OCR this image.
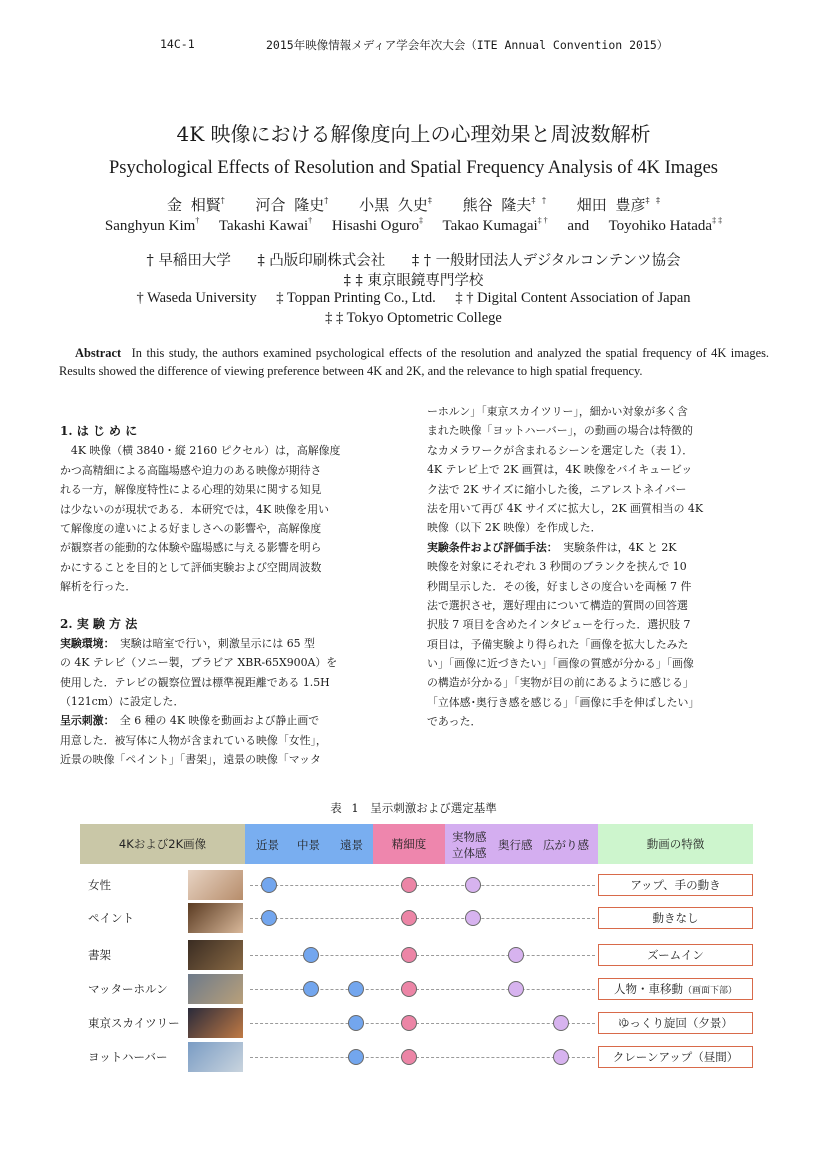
14C-1	2015年映像情報メディア学会年次大会（ITE Annual Convention 2015）
4K 映像における解像度向上の心理効果と周波数解析
Psychological Effects of Resolution and Spatial Frequency Analysis of 4K Images
金 相賢† 河合 隆史† 小黒 久史‡ 熊谷 隆夫‡ † 畑田 豊彦‡ ‡
Sanghyun Kim† Takashi Kawai† Hisashi Oguro‡ Takao Kumagai‡ † and Toyohiko Hatada‡ ‡
† 早稲田大学 ‡ 凸版印刷株式会社 ‡ † 一般財団法人デジタルコンテンツ協会
‡ ‡ 東京眼鏡専門学校
† Waseda University ‡ Toppan Printing Co., Ltd. ‡ † Digital Content Association of Japan
‡ ‡ Tokyo Optometric College
Abstract In this study, the authors examined psychological effects of the resolution and analyzed the spatial frequency of 4K images. Results showed the difference of viewing preference between 4K and 2K, and the relevance to high spatial frequency.
1. は じ め に
　4K 映像（横 3840・縦 2160 ピクセル）は，高解像度
かつ高精細による高臨場感や迫力のある映像が期待さ
れる一方，解像度特性による心理的効果に関する知見
は少ないのが現状である．本研究では，4K 映像を用い
て解像度の違いによる好ましさへの影響や，高解像度
が観察者の能動的な体験や臨場感に与える影響を明ら
かにすることを目的として評価実験および空間周波数
解析を行った．
2. 実 験 方 法
実験環境：　実験は暗室で行い，刺激呈示には 65 型
の 4K テレビ（ソニー製，ブラビア XBR-65X900A）を
使用した．テレビの観察位置は標準視距離である 1.5H
（121cm）に設定した．
呈示刺激：　全 6 種の 4K 映像を動画および静止画で
用意した．被写体に人物が含まれている映像「女性」，
近景の映像「ペイント」「書架」，遠景の映像「マッタ
ーホルン」「東京スカイツリー」，細かい対象が多く含
まれた映像「ヨットハーバー」，の動画の場合は特徴的
なカメラワークが含まれるシーンを選定した（表 1）．
4K テレビ上で 2K 画質は，4K 映像をバイキュービッ
ク法で 2K サイズに縮小した後，ニアレストネイバー
法を用いて再び 4K サイズに拡大し，2K 画質相当の 4K
映像（以下 2K 映像）を作成した．
実験条件および評価手法：　実験条件は，4K と 2K
映像を対象にそれぞれ 3 秒間のブランクを挟んで 10
秒間呈示した．その後，好ましさの度合いを両極 7 件
法で選択させ，選好理由について構造的質問の回答選
択肢 7 項目を含めたインタビューを行った．選択肢 7
項目は，予備実験より得られた「画像を拡大したみた
い」「画像に近づきたい」「画像の質感が分かる」「画像
の構造が分かる」「実物が目の前にあるように感じる」
「立体感･奥行き感を感じる」「画像に手を伸ばしたい」
であった．
表 1　呈示刺激および選定基準
4Kおよび2K画像	近景 中景 遠景	精細度 実物感
立体感
奥行感 広がり感	動画の特徴
女性	アップ、手の動き
ペイント	動きなし
書架	ズームイン
マッターホルン	人物・車移動（画面下部）
東京スカイツリー	ゆっくり旋回（夕景）
ヨットハーバー	クレーンアップ（昼間）
